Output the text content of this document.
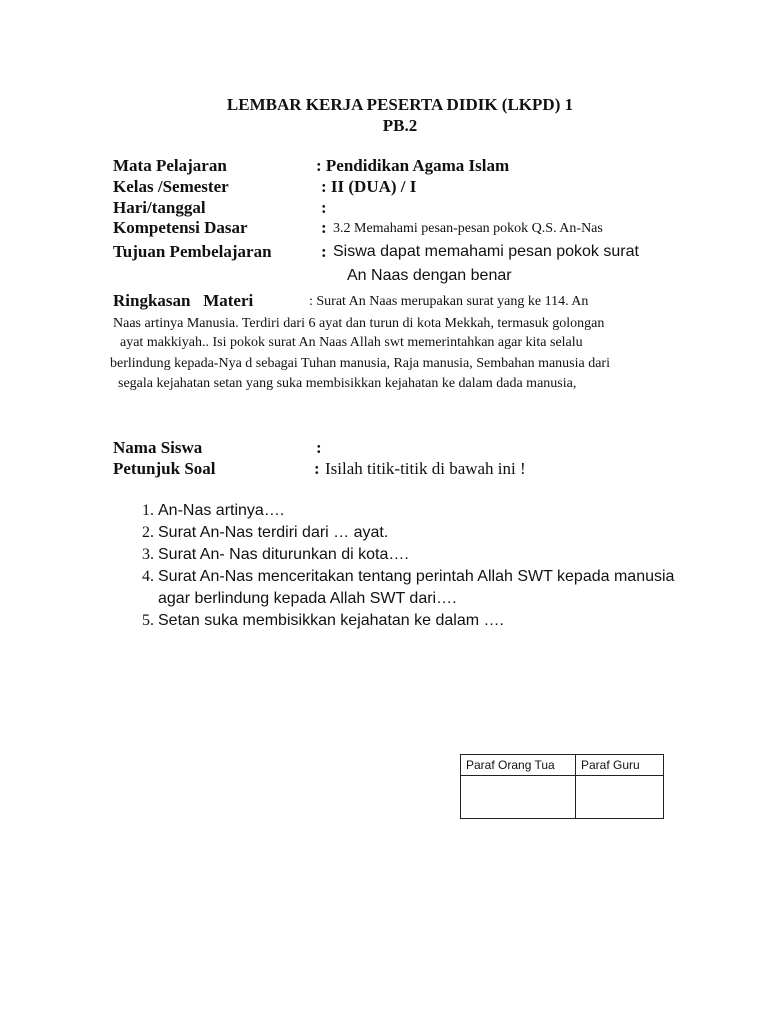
LEMBAR KERJA PESERTA DIDIK (LKPD) 1
PB.2
Mata Pelajaran	: Pendidikan Agama Islam
Kelas /Semester	: II (DUA) / I
Hari/tanggal	:
Kompetensi Dasar	: 3.2 Memahami pesan-pesan pokok Q.S. An-Nas
Tujuan Pembelajaran	: Siswa dapat memahami pesan pokok surat
An Naas dengan benar
Ringkasan   Materi	: Surat An Naas merupakan surat yang ke 114. An
Naas artinya Manusia. Terdiri dari 6 ayat dan turun di kota Mekkah, termasuk golongan
ayat makkiyah.. Isi pokok surat An Naas Allah swt memerintahkan agar kita selalu
berlindung kepada-Nya d sebagai Tuhan manusia, Raja manusia, Sembahan manusia dari
segala kejahatan setan yang suka membisikkan kejahatan ke dalam dada manusia,
Nama Siswa	:
Petunjuk Soal	: Isilah titik-titik di bawah ini !
1. An-Nas artinya….
2. Surat An-Nas terdiri dari … ayat.
3. Surat An- Nas diturunkan di kota….
4. Surat An-Nas menceritakan tentang perintah Allah SWT kepada manusia agar berlindung kepada Allah SWT dari….
5. Setan suka membisikkan kejahatan ke dalam ….
Paraf Orang Tua	Paraf Guru
